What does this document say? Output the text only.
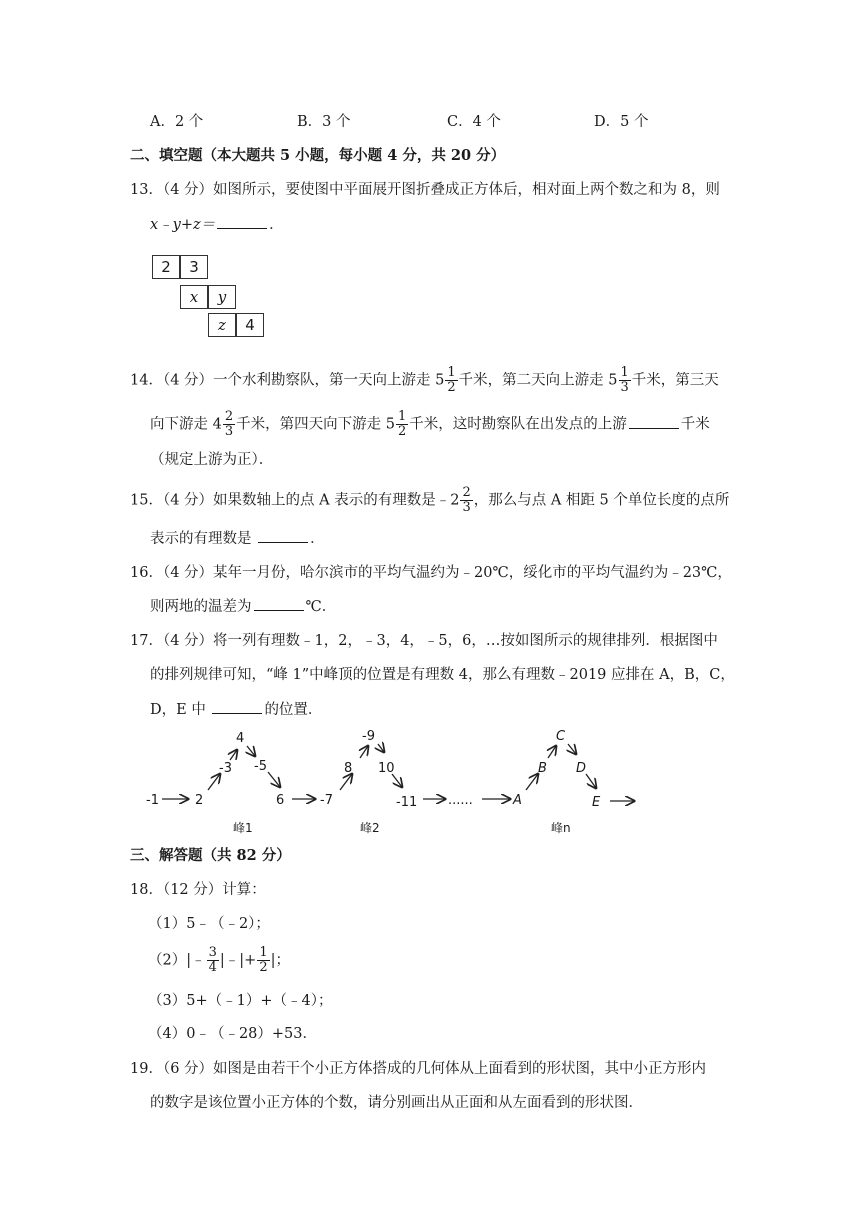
A．2 个	B．3 个	C．4 个	D．5 个
二、填空题（本大题共 5 小题，每小题 4 分，共 20 分）
13．（4 分）如图所示，要使图中平面展开图折叠成正方体后，相对面上两个数之和为 8，则
x﹣y+z＝	．
2	3
x	y
z	4
14．（4 分）一个水利勘察队，第一天向上游走 $5 \frac{1}{2}$ 千米，第二天向上游走 $5 \frac{1}{3}$ 千米，第三天
向下游走 $4 \frac{2}{3}$ 千米，第四天向下游走 $5 \frac{1}{2}$ 千米，这时勘察队在出发点的上游	千米
（规定上游为正）．
15．（4 分）如果数轴上的点 A 表示的有理数是﹣2 $\frac{2}{3}$ ，那么与点 A 相距 5 个单位长度的点所
表示的有理数是	．
16．（4 分）某年一月份，哈尔滨市的平均气温约为﹣20℃，绥化市的平均气温约为﹣23℃，
则两地的温差为	℃．
17．（4 分）将一列有理数﹣1，2，﹣3，4，﹣5，6，…按如图所示的规律排列．根据图中
的排列规律可知，“峰 1”中峰顶的位置是有理数 4，那么有理数﹣2019 应排在 A，B，C，
D，E 中	的位置．
-1	2
-3
4
-5
6	-7
8
-9
10
-11 ......	A
B
C
D
E
峰1	峰2	峰n
三、解答题（共 82 分）
18．（12 分）计算：
（1）5﹣（﹣2）；
（2）|﹣ $\frac{3}{4}$ |﹣|+ $\frac{1}{2}$ |；
（3）5+（﹣1）+（﹣4）；
（4）0﹣（﹣28）+53．
19．（6 分）如图是由若干个小正方体搭成的几何体从上面看到的形状图，其中小正方形内
的数字是该位置小正方体的个数，请分别画出从正面和从左面看到的形状图．
